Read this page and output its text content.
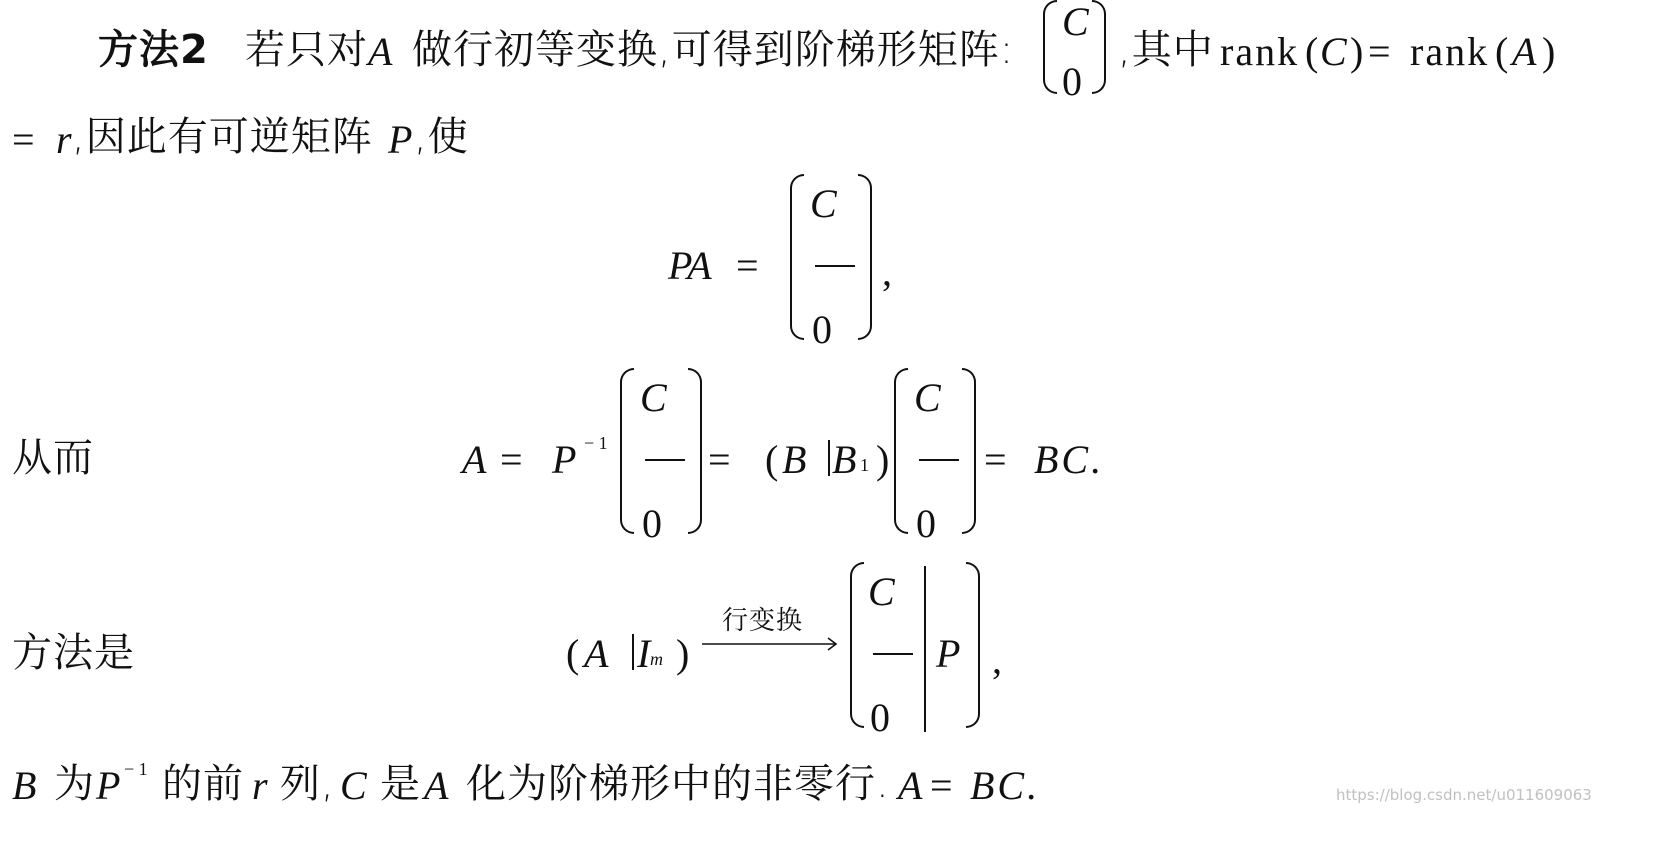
方法2 若只对 A 做行初等变换,可得到阶梯形矩阵:
C
0
,其中 rank ( C ) = rank ( A )
= r ,因此有可逆矩阵 P ,使
PA =
C
0
,
从而	A = P − 1
C
0
= ( B B 1 )
C
0
= BC.
方法是	( A I m )
行变换
C
0
P ,
B 为 P − 1 的前 r 列, C 是 A 化为阶梯形中的非零行. A = BC.	https://blog.csdn.net/u011609063
